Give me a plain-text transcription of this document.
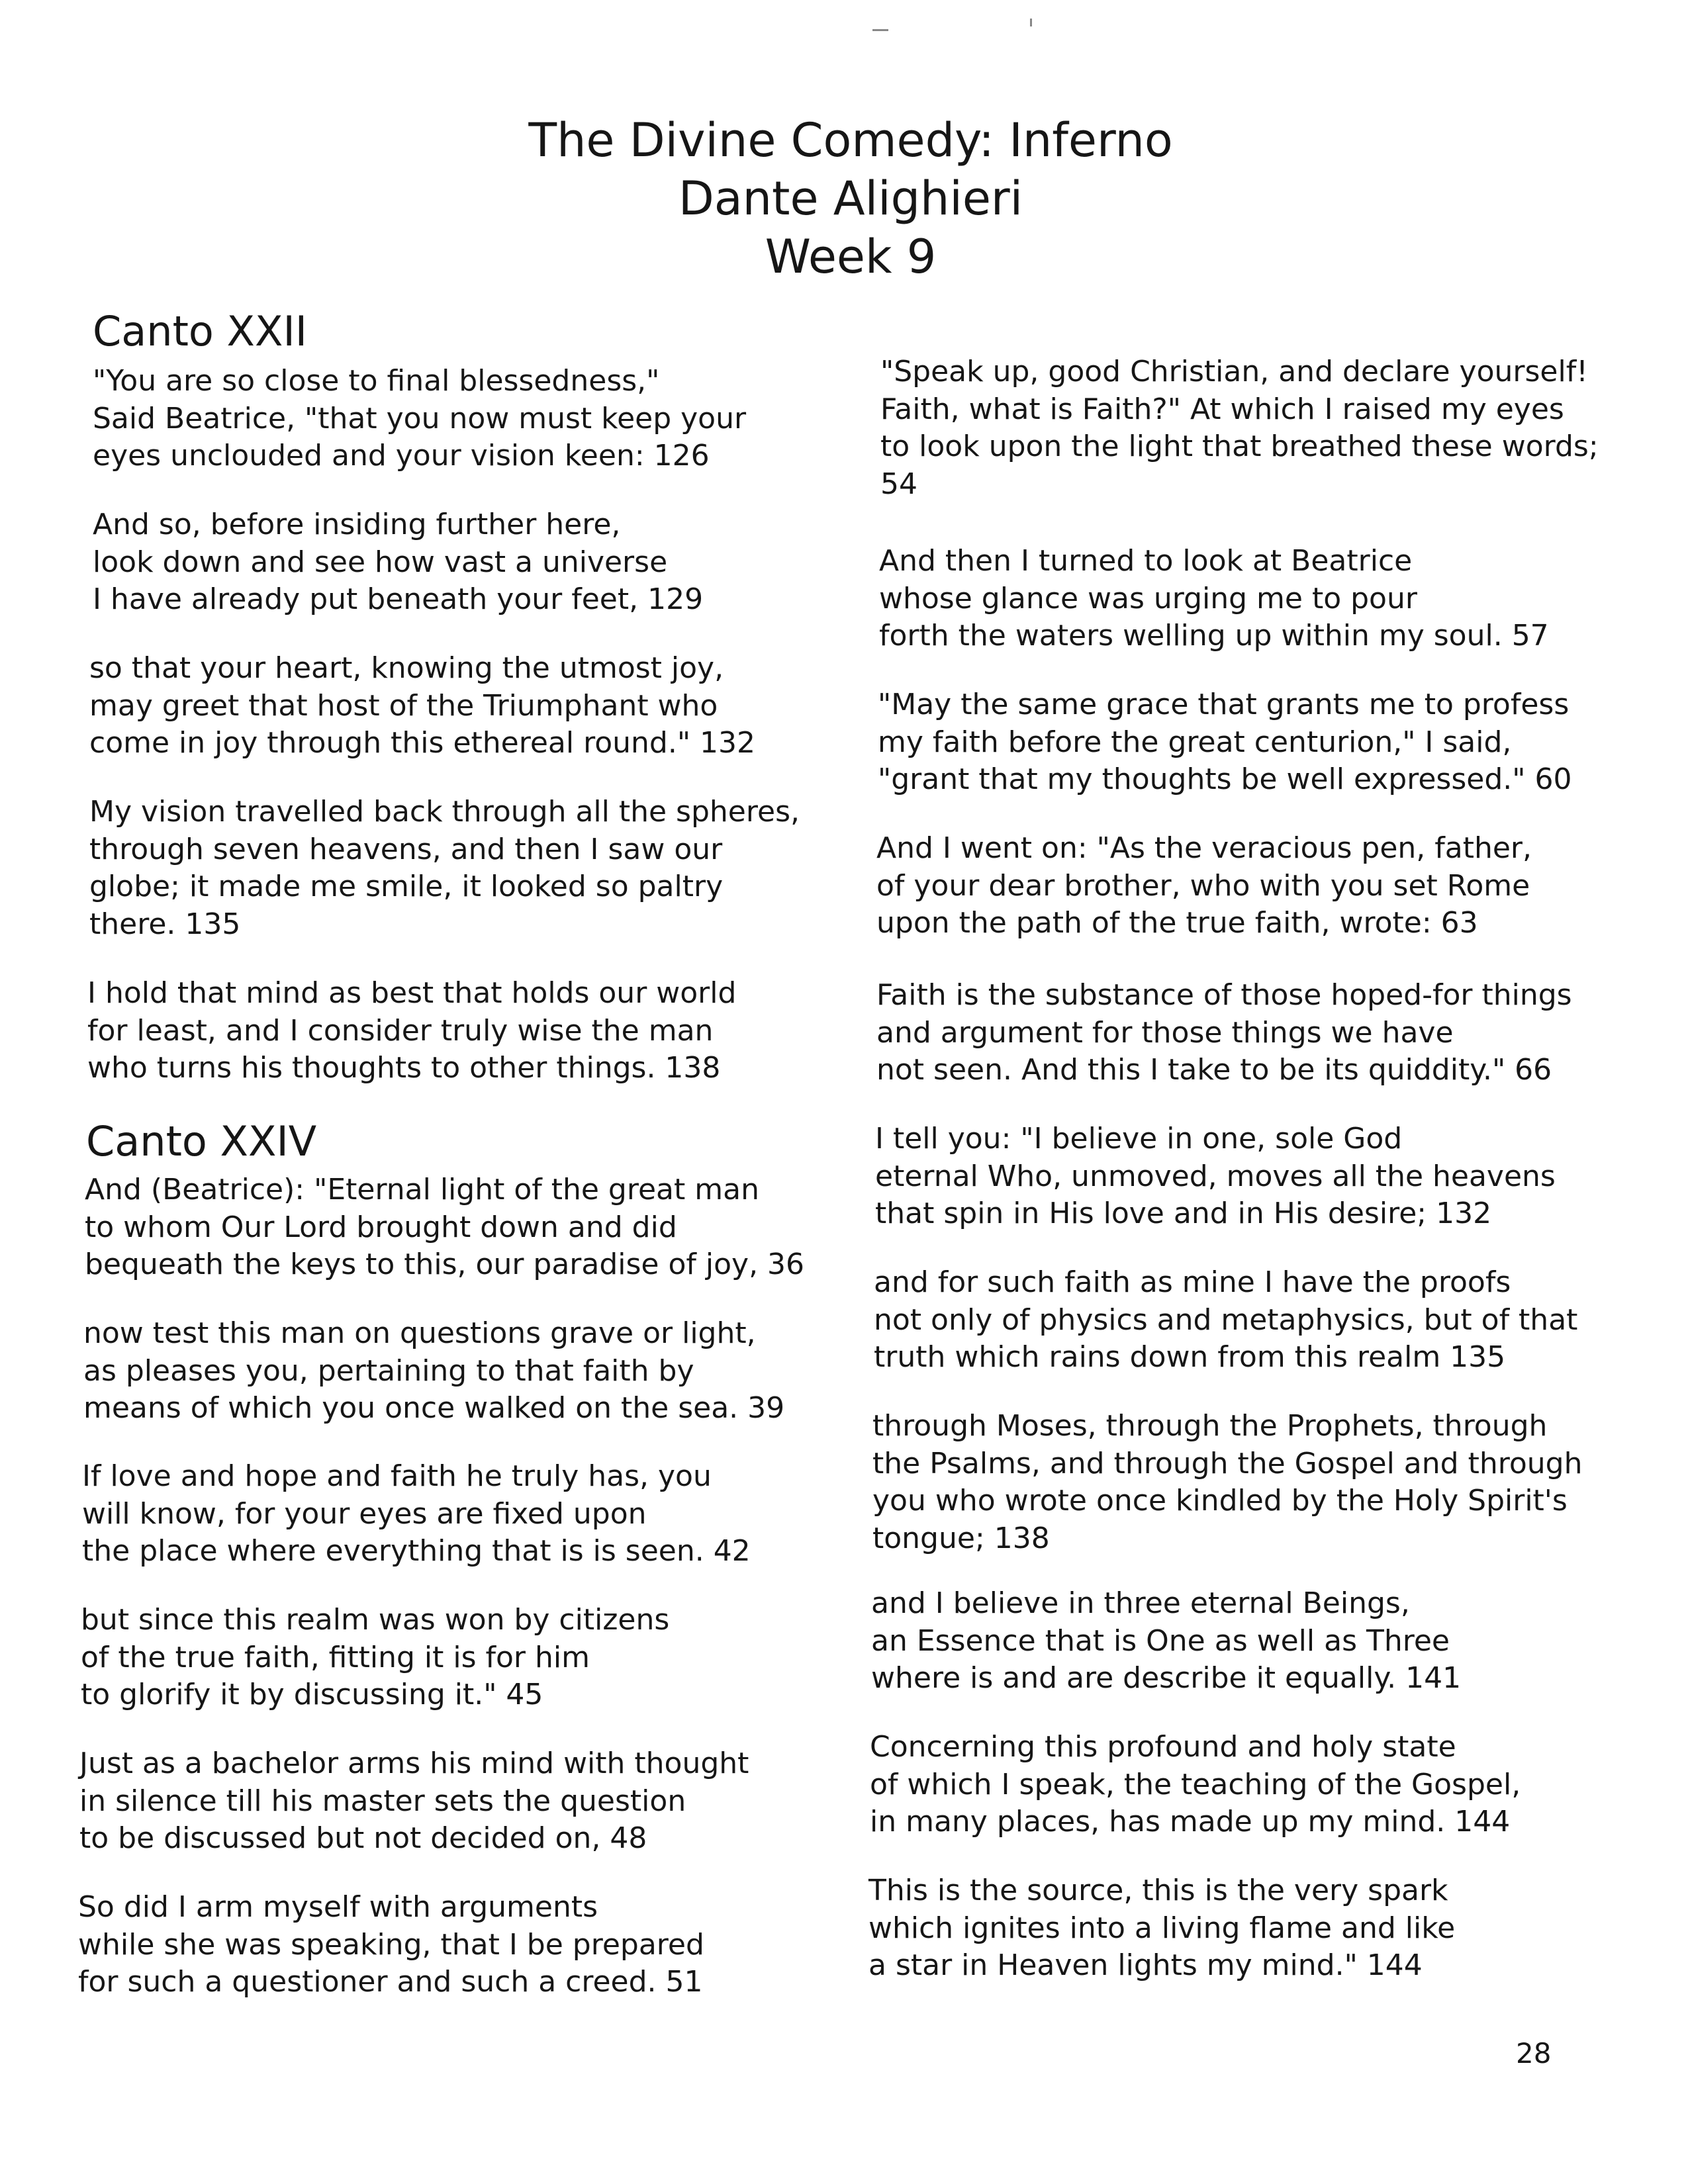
The Divine Comedy: Inferno
Dante Alighieri
Week 9
Canto XXII
"You are so close to final blessedness,"
Said Beatrice, "that you now must keep your
eyes unclouded and your vision keen: 126
And so, before insiding further here,
look down and see how vast a universe
I have already put beneath your feet, 129
so that your heart, knowing the utmost joy,
may greet that host of the Triumphant who
come in joy through this ethereal round." 132
My vision travelled back through all the spheres,
through seven heavens, and then I saw our
globe; it made me smile, it looked so paltry
there. 135
I hold that mind as best that holds our world
for least, and I consider truly wise the man
who turns his thoughts to other things. 138
Canto XXIV
And (Beatrice): "Eternal light of the great man
to whom Our Lord brought down and did
bequeath the keys to this, our paradise of joy, 36
now test this man on questions grave or light,
as pleases you, pertaining to that faith by
means of which you once walked on the sea. 39
If love and hope and faith he truly has, you
will know, for your eyes are fixed upon
the place where everything that is is seen. 42
but since this realm was won by citizens
of the true faith, fitting it is for him
to glorify it by discussing it." 45
Just as a bachelor arms his mind with thought
in silence till his master sets the question
to be discussed but not decided on, 48
So did I arm myself with arguments
while she was speaking, that I be prepared
for such a questioner and such a creed. 51
"Speak up, good Christian, and declare yourself!
Faith, what is Faith?" At which I raised my eyes
to look upon the light that breathed these words;
54
And then I turned to look at Beatrice
whose glance was urging me to pour
forth the waters welling up within my soul. 57
"May the same grace that grants me to profess
my faith before the great centurion," I said,
"grant that my thoughts be well expressed." 60
And I went on: "As the veracious pen, father,
of your dear brother, who with you set Rome
upon the path of the true faith, wrote: 63
Faith is the substance of those hoped-for things
and argument for those things we have
not seen. And this I take to be its quiddity." 66
I tell you: "I believe in one, sole God
eternal Who, unmoved, moves all the heavens
that spin in His love and in His desire; 132
and for such faith as mine I have the proofs
not only of physics and metaphysics, but of that
truth which rains down from this realm 135
through Moses, through the Prophets, through
the Psalms, and through the Gospel and through
you who wrote once kindled by the Holy Spirit's
tongue; 138
and I believe in three eternal Beings,
an Essence that is One as well as Three
where is and are describe it equally. 141
Concerning this profound and holy state
of which I speak, the teaching of the Gospel,
in many places, has made up my mind. 144
This is the source, this is the very spark
which ignites into a living flame and like
a star in Heaven lights my mind." 144
28
